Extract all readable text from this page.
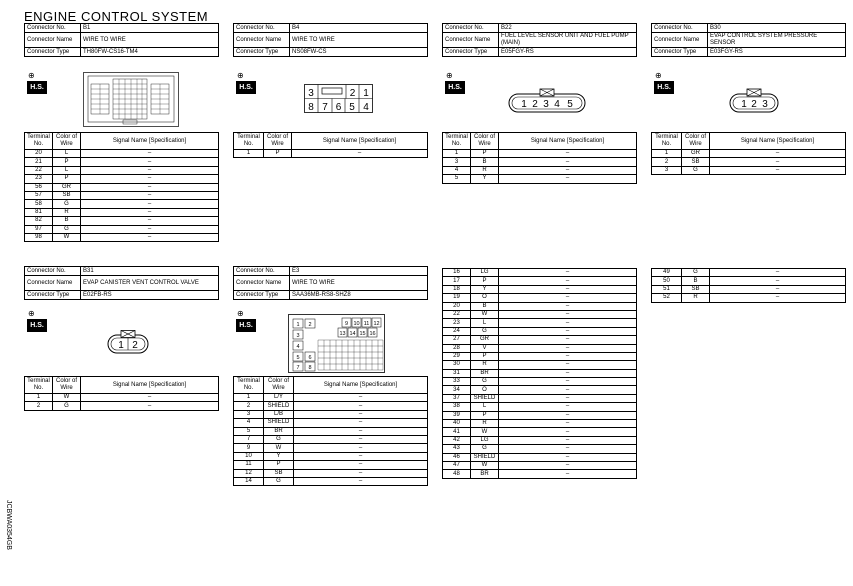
ENGINE CONTROL SYSTEM
JCBWA0354GB
Connector No.	B1
Connector Name	WIRE TO WIRE
Connector Type	TH80FW-CS16-TM4
⊕
H.S.
Terminal No.	Color of Wire	Signal Name [Specification]
20	L	–
21	P	–
22	L	–
23	P	–
56	GR	–
57	SB	–
58	G	–
81	R	–
82	B	–
97	G	–
98	W	–
Connector No.	B4
Connector Name	WIRE TO WIRE
Connector Type	NS08FW-CS
⊕
H.S.
3	2 1
8 7 6 5 4
Terminal No.	Color of Wire	Signal Name [Specification]
1	P	–
Connector No.	B22
Connector Name	FUEL LEVEL SENSOR UNIT AND FUEL PUMP (MAIN)
Connector Type	E05FGY-RS
⊕
H.S.
1 2 3 4 5
Terminal No.	Color of Wire	Signal Name [Specification]
1	P	–
3	B	–
4	R	–
5	Y	–
Connector No.	B30
Connector Name	EVAP CONTROL SYSTEM PRESSURE SENSOR
Connector Type	E03FGY-RS
⊕
H.S.
1 2 3
Terminal No.	Color of Wire	Signal Name [Specification]
1	GR	–
2	SB	–
3	G	–
Connector No.	B31
Connector Name	EVAP CANISTER VENT CONTROL VALVE
Connector Type	E02FB-RS
⊕
H.S.
1 2
Terminal No.	Color of Wire	Signal Name [Specification]
1	W	–
2	G	–
Connector No.	E3
Connector Name	WIRE TO WIRE
Connector Type	SAA36MB-RS8-SHZ8
⊕
H.S.	1 2
3
4
5 6
7 8
9 10 11 12
13 14 15 16
Terminal No.	Color of Wire	Signal Name [Specification]
1	L/Y	–
2	SHIELD	–
3	L/B	–
4	SHIELD	–
5	BR	–
7	G	–
9	W	–
10	Y	–
11	P	–
12	SB	–
14	G	–
16	LG	–
17	P	–
18	Y	–
19	O	–
20	B	–
22	W	–
23	L	–
24	G	–
27	GR	–
28	V	–
29	P	–
30	R	–
31	BR	–
33	G	–
34	O	–
37	SHIELD	–
38	L	–
39	P	–
40	R	–
41	W	–
42	LG	–
43	G	–
46	SHIELD	–
47	W	–
48	BR	–
49	G	–
50	B	–
51	SB	–
52	R	–
